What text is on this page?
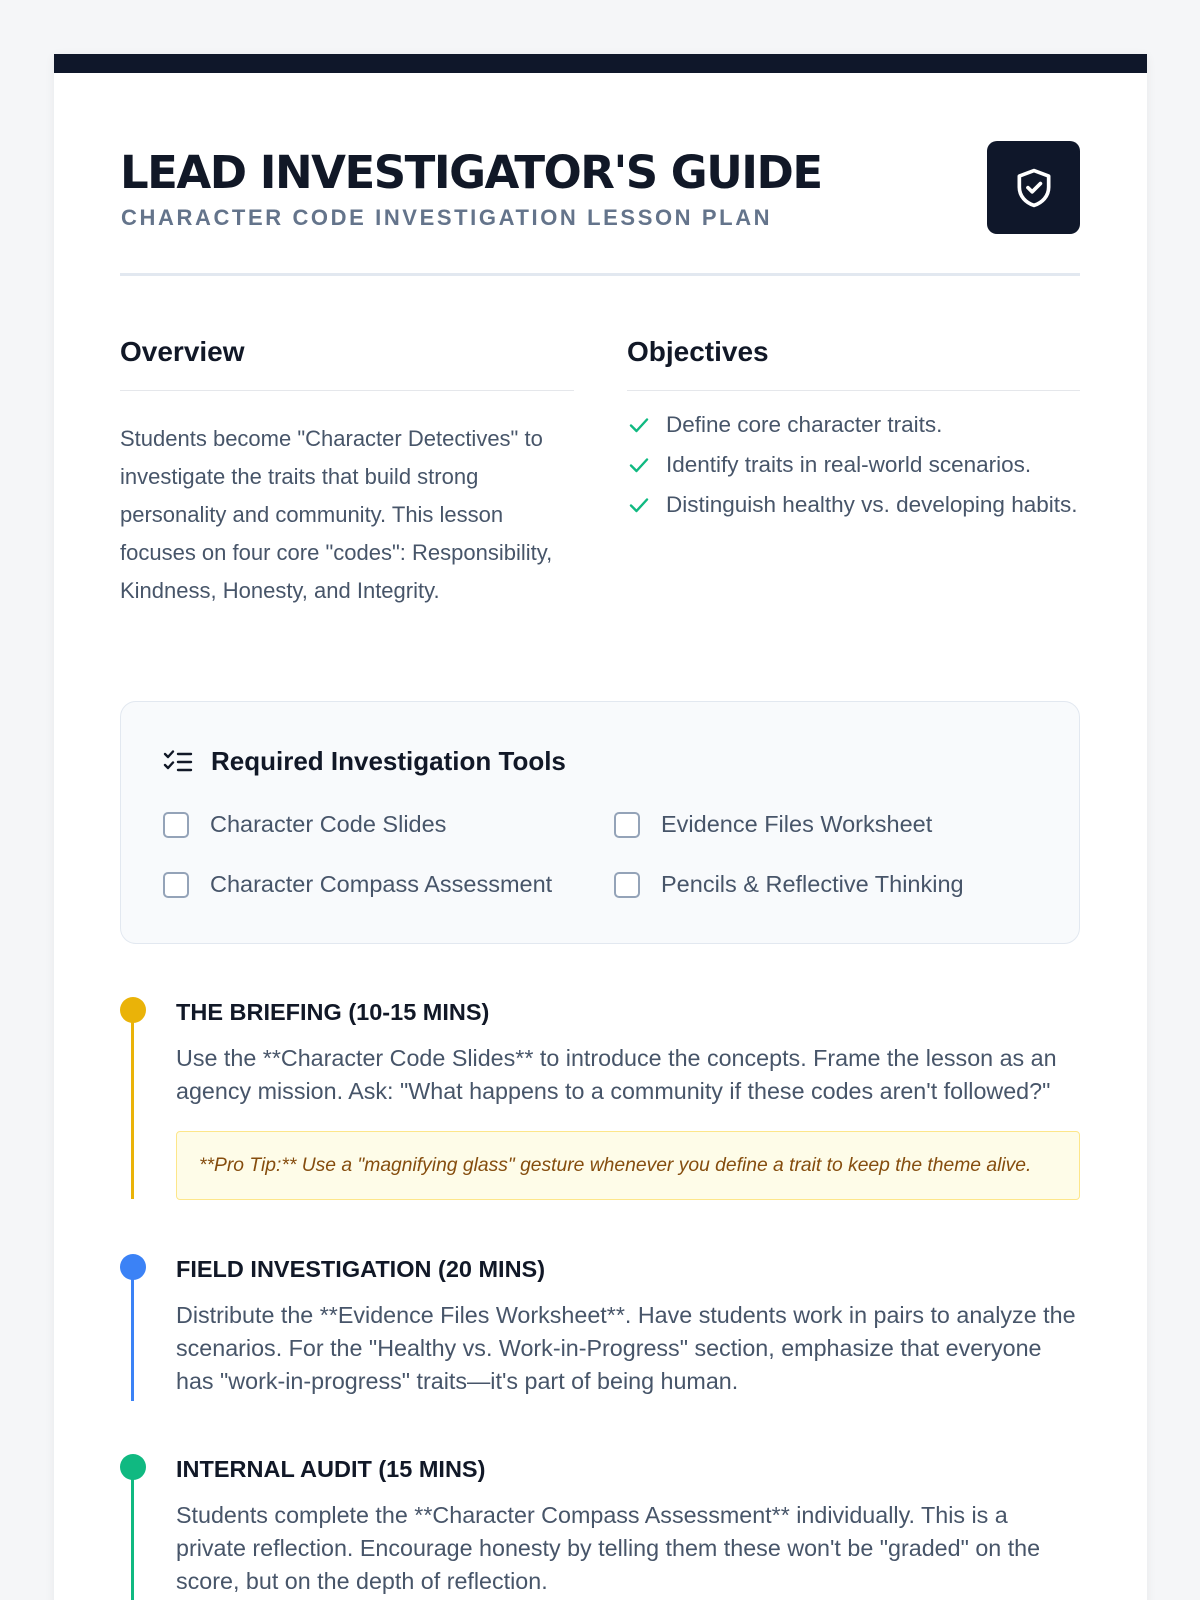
LEAD INVESTIGATOR'S GUIDE
CHARACTER CODE INVESTIGATION LESSON PLAN
Overview

Students become "Character Detectives" to investigate the traits that build strong personality and community. This lesson focuses on four core "codes": Responsibility, Kindness, Honesty, and Integrity.

Objectives
Define core character traits.
Identify traits in real-world scenarios.
Distinguish healthy vs. developing habits.
Required Investigation Tools
Character Code Slides	Evidence Files Worksheet
Character Compass Assessment	Pencils & Reflective Thinking
THE BRIEFING (10-15 MINS)

Use the **Character Code Slides** to introduce the concepts. Frame the lesson as an agency mission. Ask: "What happens to a community if these codes aren't followed?"

**Pro Tip:** Use a "magnifying glass" gesture whenever you define a trait to keep the theme alive.
FIELD INVESTIGATION (20 MINS)

Distribute the **Evidence Files Worksheet**. Have students work in pairs to analyze the scenarios. For the "Healthy vs. Work-in-Progress" section, emphasize that everyone has "work-in-progress" traits—it's part of being human.

INTERNAL AUDIT (15 MINS)

Students complete the **Character Compass Assessment** individually. This is a private reflection. Encourage honesty by telling them these won't be "graded" on the score, but on the depth of reflection.
